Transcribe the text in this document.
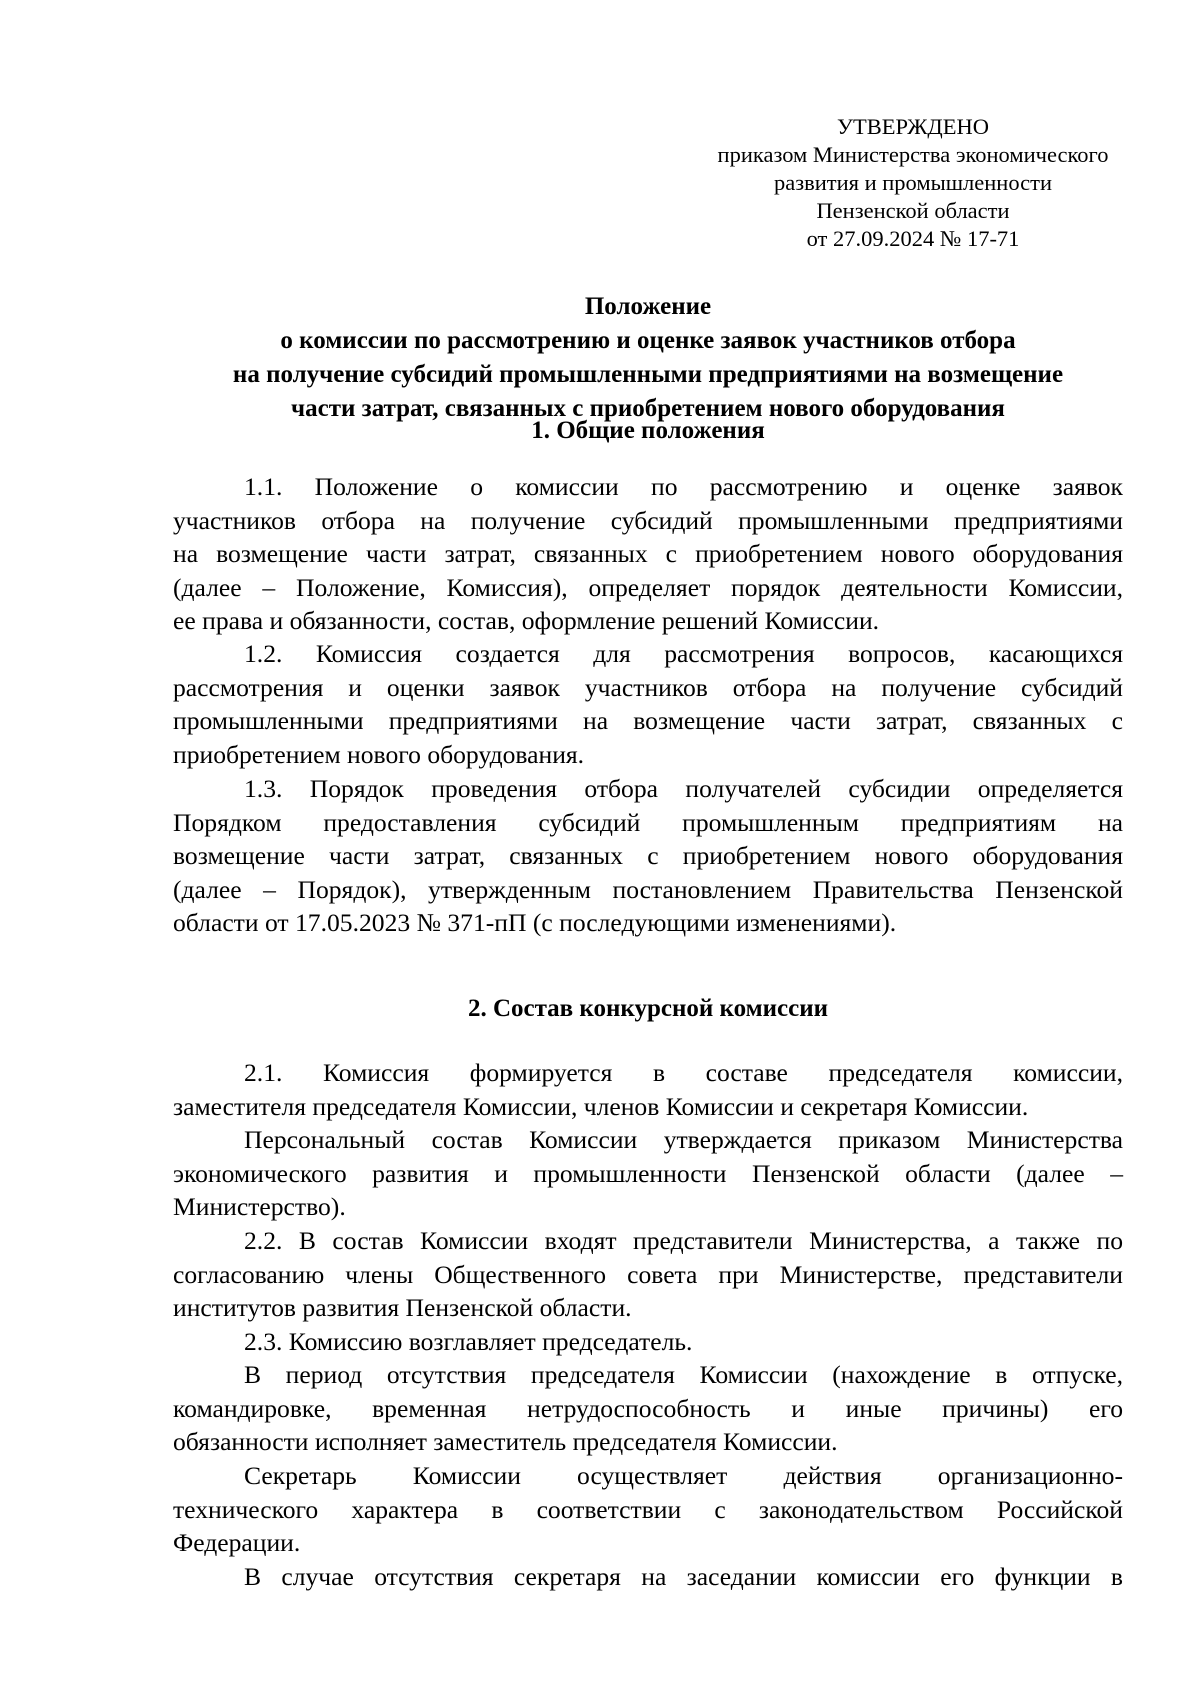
УТВЕРЖДЕНО
приказом Министерства экономического
развития и промышленности
Пензенской области
от 27.09.2024 № 17-71
Положение
о комиссии по рассмотрению и оценке заявок участников отбора
на получение субсидий промышленными предприятиями на возмещение
части затрат, связанных с приобретением нового оборудования
1. Общие положения
1.1. Положение о комиссии по рассмотрению и оценке заявок
участников отбора на получение субсидий промышленными предприятиями
на возмещение части затрат, связанных с приобретением нового оборудования
(далее – Положение, Комиссия), определяет порядок деятельности Комиссии,
ее права и обязанности, состав, оформление решений Комиссии.
1.2. Комиссия создается для рассмотрения вопросов, касающихся
рассмотрения и оценки заявок участников отбора на получение субсидий
промышленными предприятиями на возмещение части затрат, связанных с
приобретением нового оборудования.
1.3. Порядок проведения отбора получателей субсидии определяется
Порядком предоставления субсидий промышленным предприятиям на
возмещение части затрат, связанных с приобретением нового оборудования
(далее – Порядок), утвержденным постановлением Правительства Пензенской
области от 17.05.2023 № 371-пП (с последующими изменениями).
2. Состав конкурсной комиссии
2.1. Комиссия формируется в составе председателя комиссии,
заместителя председателя Комиссии, членов Комиссии и секретаря Комиссии.
Персональный состав Комиссии утверждается приказом Министерства
экономического развития и промышленности Пензенской области (далее –
Министерство).
2.2. В состав Комиссии входят представители Министерства, а также по
согласованию члены Общественного совета при Министерстве, представители
институтов развития Пензенской области.
2.3. Комиссию возглавляет председатель.
В период отсутствия председателя Комиссии (нахождение в отпуске,
командировке, временная нетрудоспособность и иные причины) его
обязанности исполняет заместитель председателя Комиссии.
Секретарь Комиссии осуществляет действия организационно-
технического характера в соответствии с законодательством Российской
Федерации.
В случае отсутствия секретаря на заседании комиссии его функции в
